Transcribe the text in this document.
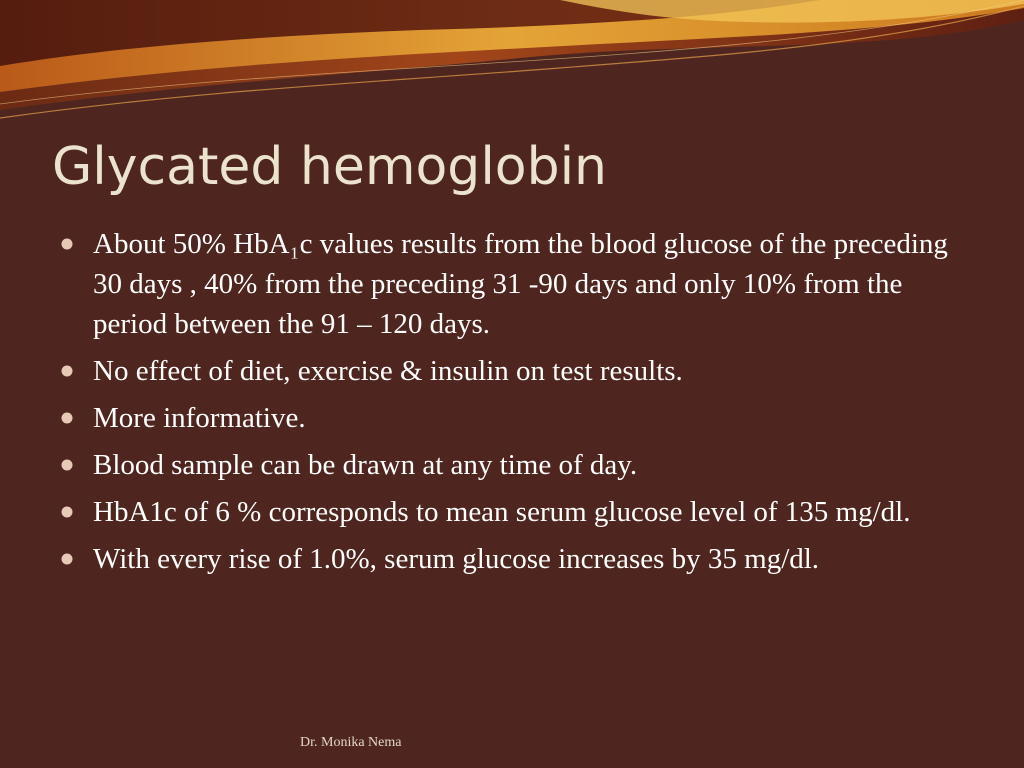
Glycated hemoglobin
About 50% HbA₁c values results from the blood glucose of the preceding 30 days , 40% from the preceding 31 -90 days and only 10% from the period between the 91 – 120 days.
No effect of diet, exercise & insulin on test results.
More informative.
Blood sample can be drawn at any time of day.
HbA1c of 6 % corresponds to mean serum glucose level of 135 mg/dl.
With every rise of 1.0%, serum glucose increases by 35 mg/dl.

Dr. Monika Nema
